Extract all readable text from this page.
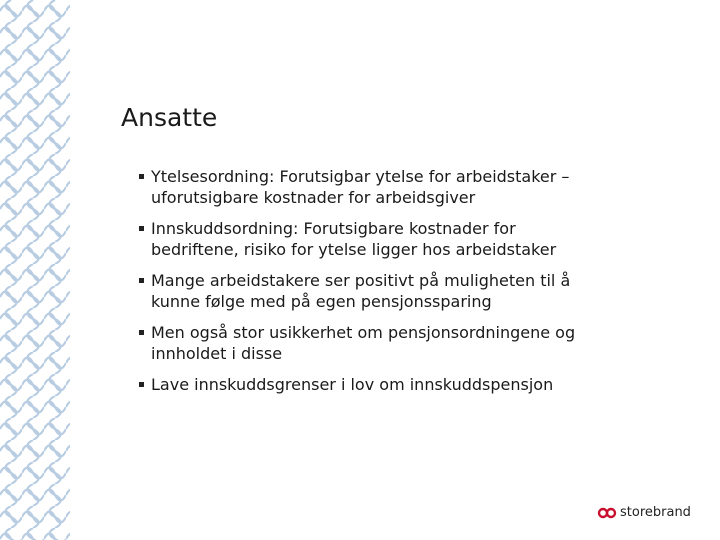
Ansatte
Ytelsesordning: Forutsigbar ytelse for arbeidstaker –
uforutsigbare kostnader for arbeidsgiver
Innskuddsordning: Forutsigbare kostnader for
bedriftene, risiko for ytelse ligger hos arbeidstaker
Mange arbeidstakere ser positivt på muligheten til å
kunne følge med på egen pensjonssparing
Men også stor usikkerhet om pensjonsordningene og
innholdet i disse
Lave innskuddsgrenser i lov om innskuddspensjon
storebrand
